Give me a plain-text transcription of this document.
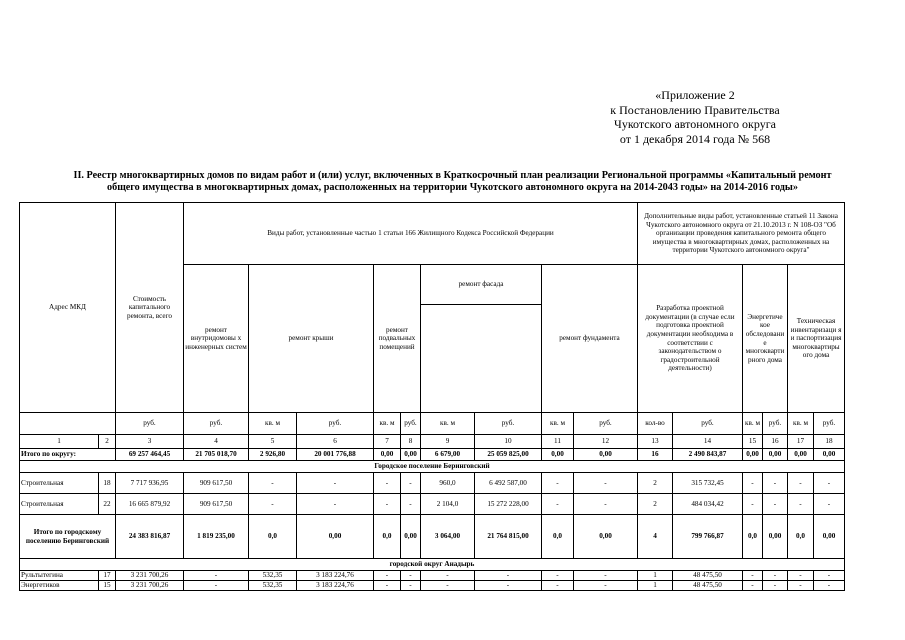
«Приложение 2
к Постановлению Правительства
Чукотского автономного округа
от 1 декабря 2014 года № 568
II. Реестр многоквартирных домов по видам работ и (или) услуг, включенных в Краткосрочный план реализации Региональной программы «Капитальный ремонт
общего имущества в многоквартирных домах, расположенных на территории Чукотского автономного округа на 2014-2043 годы» на 2014-2016 годы»
Адрес МКД		Стоимость капитального ремонта, всего	Виды работ, установленные частью 1 статьи 166 Жилищного Кодекса Российской Федерации									Дополнительные виды работ, установленные статьей 11 Закона Чукотского автономного округа от 21.10.2013 г. N 108-ОЗ "Об организации проведения капитального ремонта общего имущества в многоквартирных домах, расположенных на территории Чукотского автономного округа"					
			ремонт внутридомовы х инженерных систем	ремонт крыши		ремонт подвальных помещений		ремонт фасада		ремонт фундамента		Разработка проектной документации (в случае если подготовка проектной документации необходима в соответствии с законодательством о градостроительной деятельности)		Энергетиче кое обследовани е многокварти рного дома		Техническая инвентаризаци я и паспортизация многоквартиры ого дома	

		руб.	руб.	кв. м	руб.	кв. м	руб.	кв. м	руб.	кв. м	руб.	кол-во	руб.	кв. м	руб.	кв. м	руб.
1	2	3	4	5	6	7	8	9	10	11	12	13	14	15	16	17	18
Итого по округу:		69 257 464,45	21 705 018,70	2 926,80	20 001 776,88	0,00	0,00	6 679,00	25 059 825,00	0,00	0,00	16	2 490 843,87	0,00	0,00	0,00	0,00
Городское поселение Беринговский																	
Строительная	18	7 717 936,95	909 617,50	-	-	-	-	960,0	6 492 587,00	-	-	2	315 732,45	-	-	-	-
Строительная	22	16 665 879,92	909 617,50	-	-	-	-	2 104,0	15 272 228,00	-	-	2	484 034,42	-	-	-	-
Итого по городскому поселению Беринговский		24 383 816,87	1 819 235,00	0,0	0,00	0,0	0,00	3 064,00	21 764 815,00	0,0	0,00	4	799 766,87	0,0	0,00	0,0	0,00
городской округ Анадырь																	
Рультытегина	17	3 231 700,26	-	532,35	3 183 224,76	-	-	-	-	-	-	1	48 475,50	-	-	-	-
Энергетиков	15	3 231 700,26	-	532,35	3 183 224,76	-	-	-	-	-	-	1	48 475,50	-	-	-	-
